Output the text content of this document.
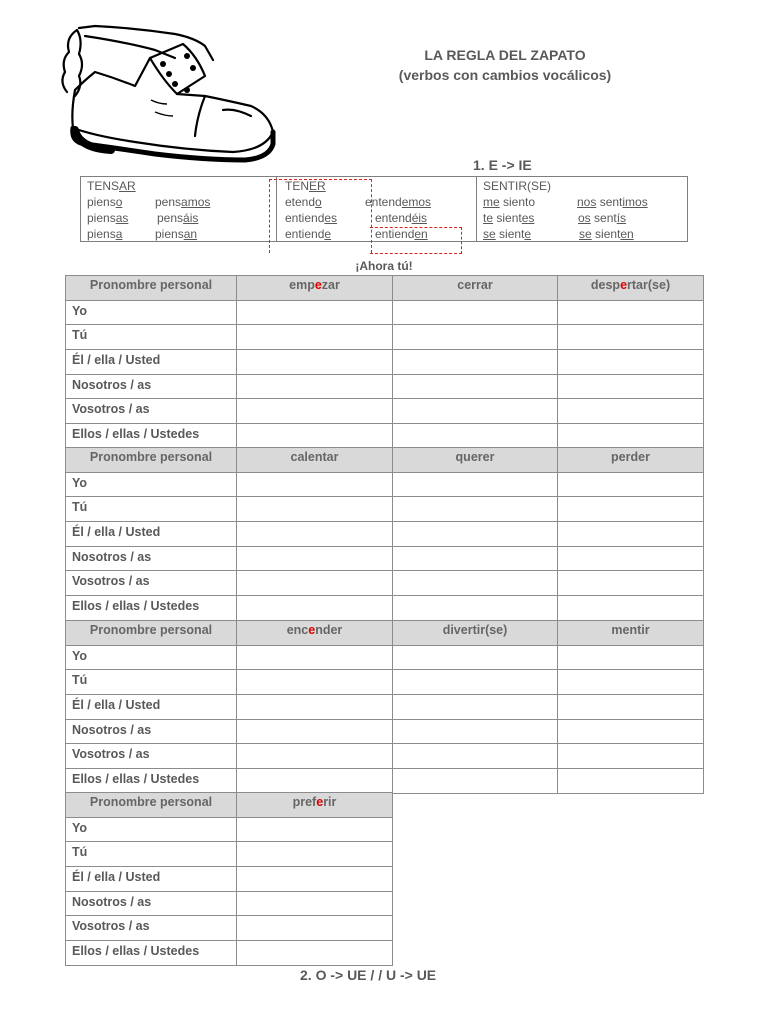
LA REGLA DEL ZAPATO
(verbos con cambios vocálicos)
1. E -> IE
TENSAR
pienso	pensamos
piensas pensáis
piensa	piensan
TENER
etendo	entendemos
entiendes	entendéis
entiende	entienden
SENTIR(SE)
me siento	nos sentimos
te sientes	os sentís
se siente	se sienten
¡Ahora tú!
Pronombre personal	empezar	cerrar	despertar(se)
Yo			
Tú			
Él / ella / Usted			
Nosotros / as			
Vosotros / as			
Ellos / ellas / Ustedes			
Pronombre personal	calentar	querer	perder
Yo			
Tú			
Él / ella / Usted			
Nosotros / as			
Vosotros / as			
Ellos / ellas / Ustedes			
Pronombre personal	encender	divertir(se)	mentir
Yo			
Tú			
Él / ella / Usted			
Nosotros / as			
Vosotros / as			
Ellos / ellas / Ustedes			
Pronombre personal	preferir
Yo	
Tú	
Él / ella / Usted	
Nosotros / as	
Vosotros / as	
Ellos / ellas / Ustedes	
2. O -> UE / / U -> UE
